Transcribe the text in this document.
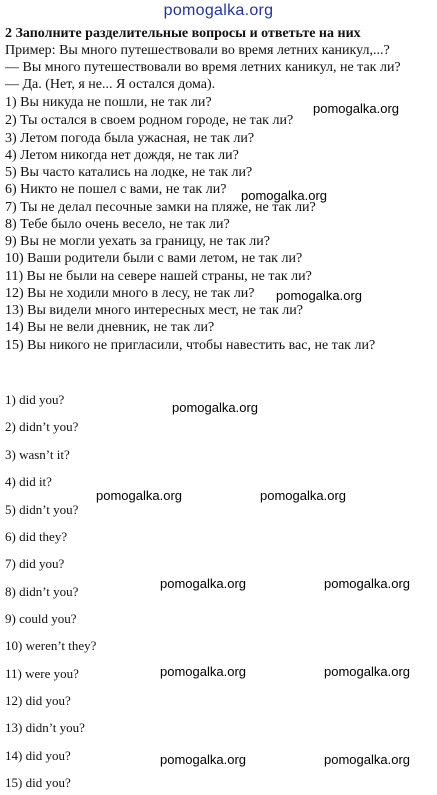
pomogalka.org
2 Заполните разделительные вопросы и ответьте на них
Пример: Вы много путешествовали во время летних каникул,...?
— Вы много путешествовали во время летних каникул, не так ли?
— Да. (Нет, я не... Я остался дома).
1) Вы никуда не пошли, не так ли?
2) Ты остался в своем родном городе, не так ли?
3) Летом погода была ужасная, не так ли?
4) Летом никогда нет дождя, не так ли?
5) Вы часто катались на лодке, не так ли?
6) Никто не пошел с вами, не так ли?
7) Ты не делал песочные замки на пляже, не так ли?
8) Тебе было очень весело, не так ли?
9) Вы не могли уехать за границу, не так ли?
10) Ваши родители были с вами летом, не так ли?
11) Вы не были на севере нашей страны, не так ли?
12) Вы не ходили много в лесу, не так ли?
13) Вы видели много интересных мест, не так ли?
14) Вы не вели дневник, не так ли?
15) Вы никого не пригласили, чтобы навестить вас, не так ли?
1) did you?
2) didn’t you?
3) wasn’t it?
4) did it?
5) didn’t you?
6) did they?
7) did you?
8) didn’t you?
9) could you?
10) weren’t they?
11) were you?
12) did you?
13) didn’t you?
14) did you?
15) did you?
pomogalka.org
pomogalka.org
pomogalka.org
pomogalka.org
pomogalka.org	pomogalka.org
pomogalka.org	pomogalka.org
pomogalka.org	pomogalka.org
pomogalka.org	pomogalka.org
